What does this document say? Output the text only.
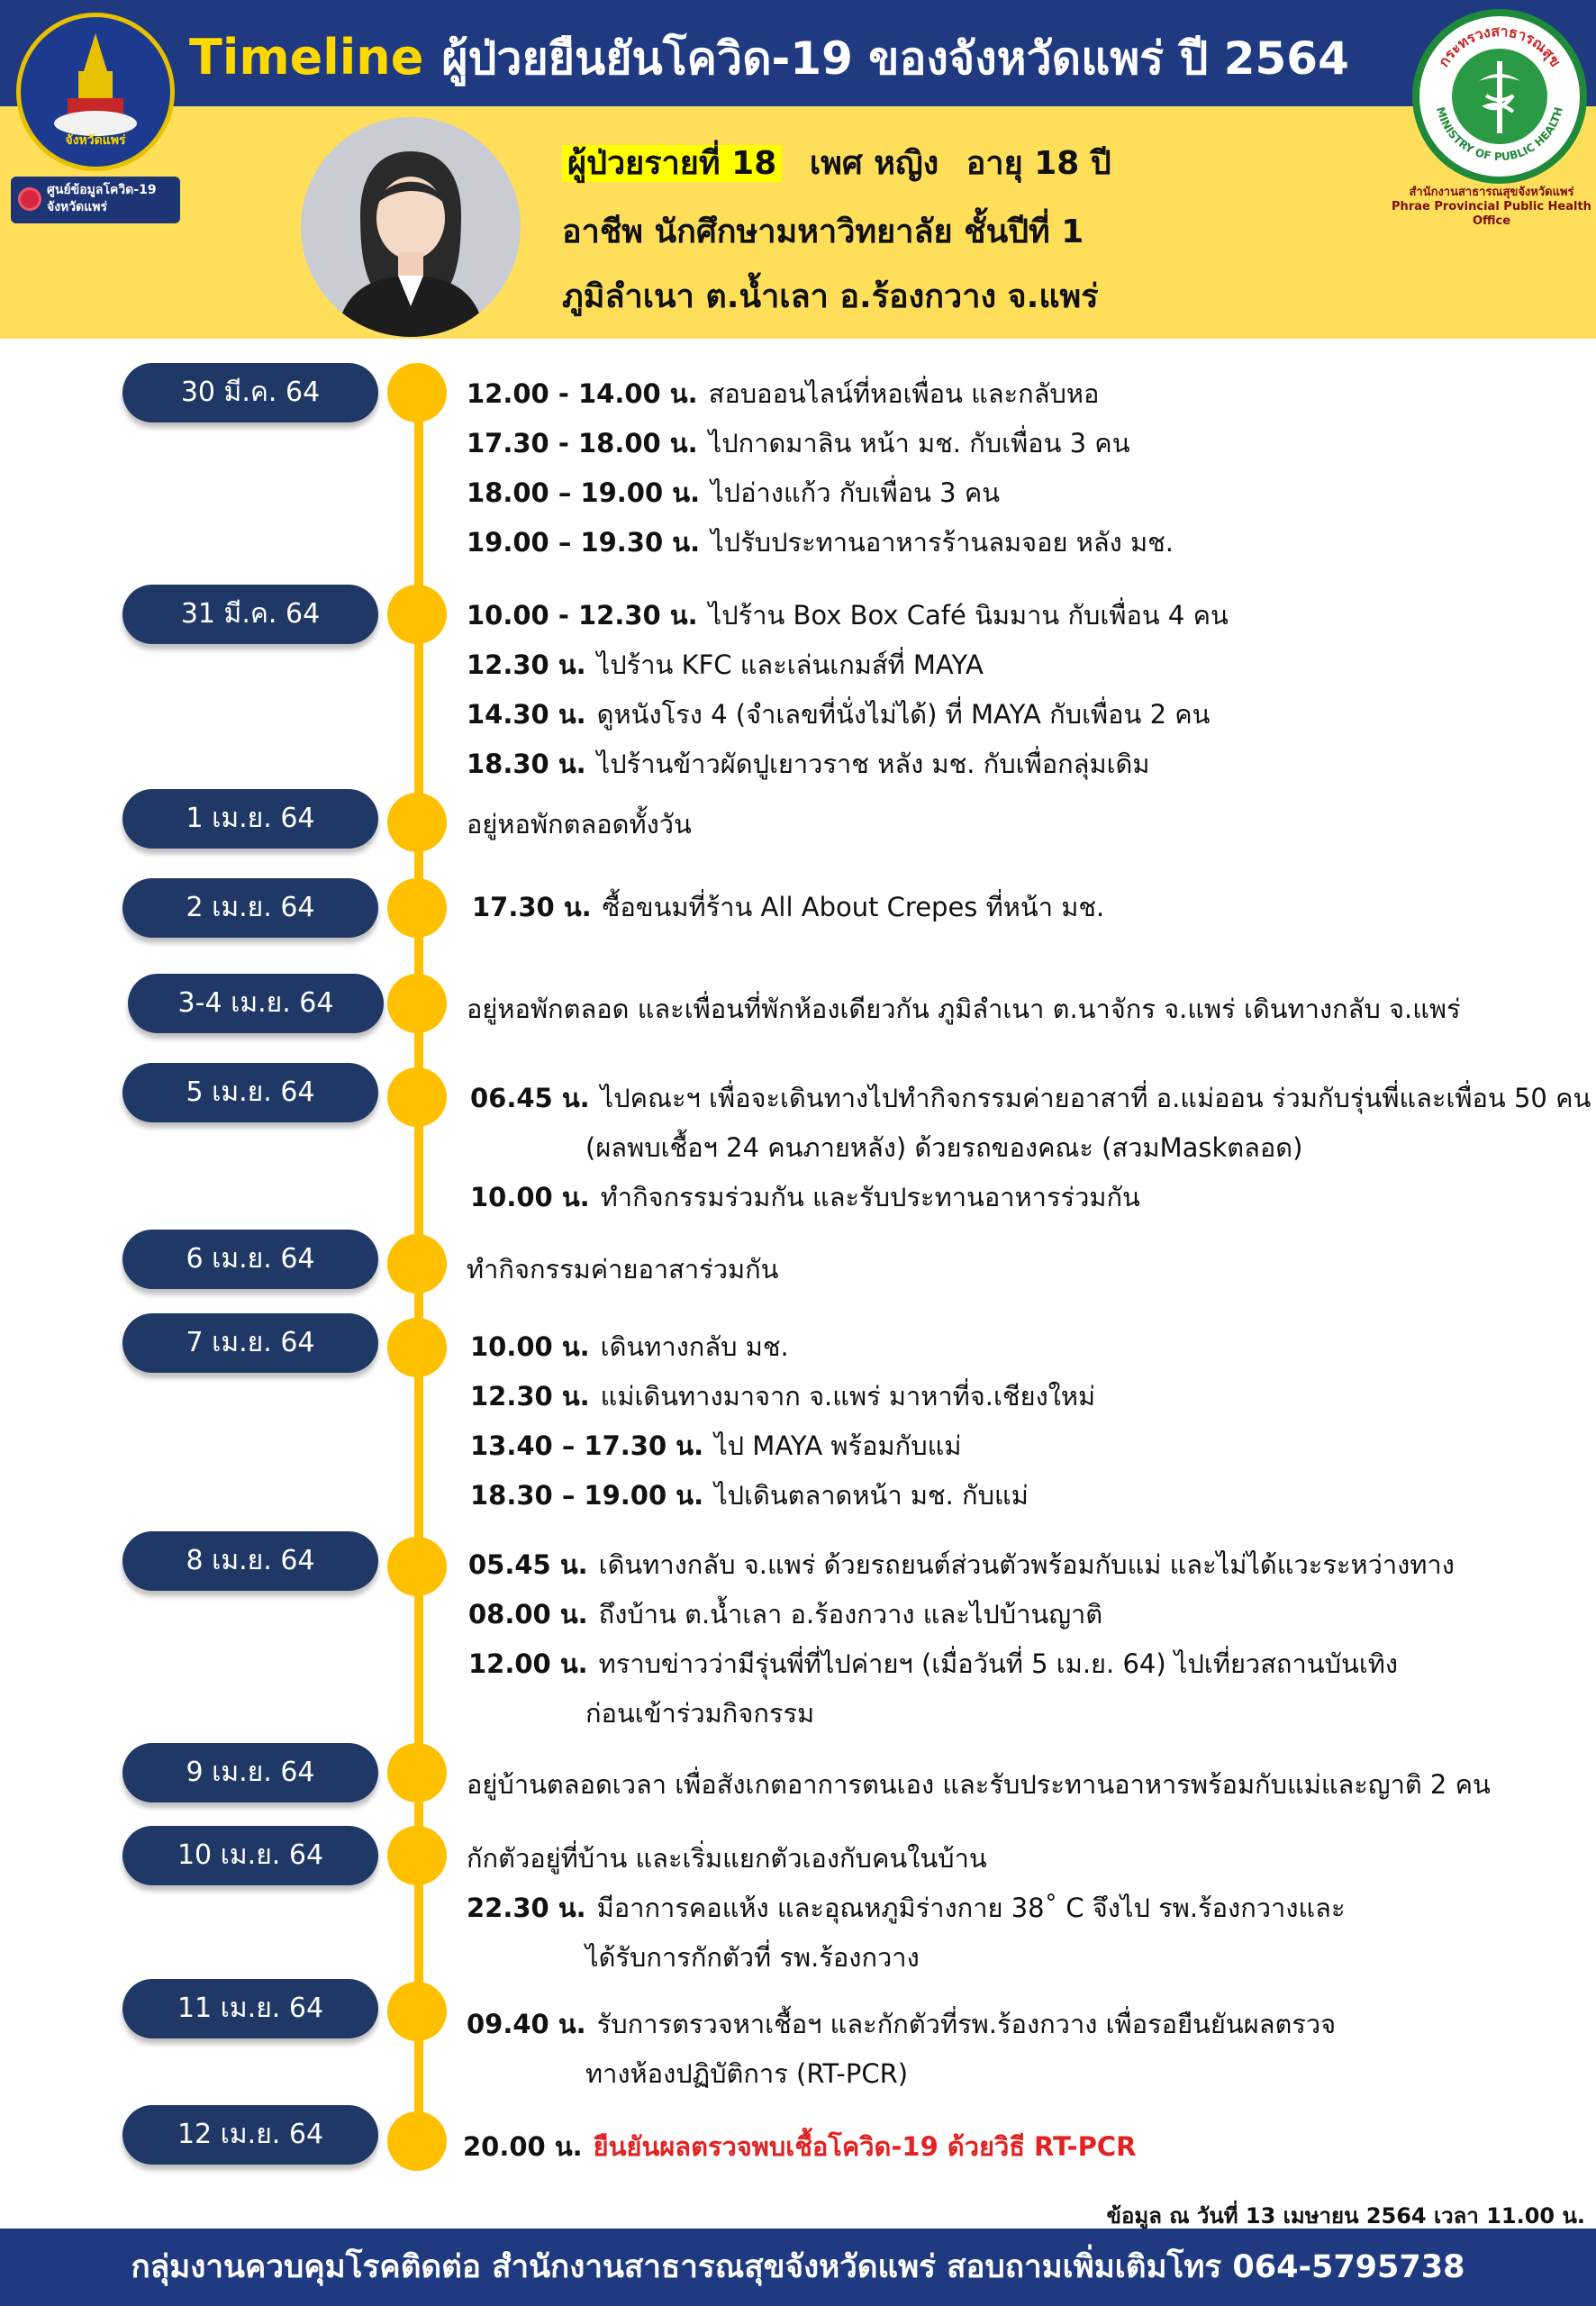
Timeline ผู้ป่วยยืนยันโควิด-19 ของจังหวัดแพร่ ปี 2564
จังหวัดแพร่
ศูนย์ข้อมูลโควิด-19
จังหวัดแพร่
กระทรวงสาธารณสุข
MINISTRY OF PUBLIC HEALTH
สำนักงานสาธารณสุขจังหวัดแพร่
Phrae Provincial Public Health Office
ผู้ป่วยรายที่ 18 เพศ หญิง อายุ 18 ปี
อาชีพ นักศึกษามหาวิทยาลัย ชั้นปีที่ 1
ภูมิลำเนา ต.น้ำเลา อ.ร้องกวาง จ.แพร่
30 มี.ค. 64	12.00 - 14.00 น. สอบออนไลน์ที่หอเพื่อน และกลับหอ
17.30 - 18.00 น. ไปกาดมาลิน หน้า มช. กับเพื่อน 3 คน
18.00 – 19.00 น. ไปอ่างแก้ว กับเพื่อน 3 คน
19.00 – 19.30 น. ไปรับประทานอาหารร้านลมจอย หลัง มช.
31 มี.ค. 64	10.00 - 12.30 น. ไปร้าน Box Box Café นิมมาน กับเพื่อน 4 คน
12.30 น. ไปร้าน KFC และเล่นเกมส์ที่ MAYA
14.30 น. ดูหนังโรง 4 (จำเลขที่นั่งไม่ได้) ที่ MAYA กับเพื่อน 2 คน
18.30 น. ไปร้านข้าวผัดปูเยาวราช หลัง มช. กับเพื่อกลุ่มเดิม
1 เม.ย. 64	อยู่หอพักตลอดทั้งวัน
2 เม.ย. 64	17.30 น. ซื้อขนมที่ร้าน All About Crepes ที่หน้า มช.
3-4 เม.ย. 64	อยู่หอพักตลอด และเพื่อนที่พักห้องเดียวกัน ภูมิลำเนา ต.นาจักร จ.แพร่ เดินทางกลับ จ.แพร่
5 เม.ย. 64	06.45 น. ไปคณะฯ เพื่อจะเดินทางไปทำกิจกรรมค่ายอาสาที่ อ.แม่ออน ร่วมกับรุ่นพี่และเพื่อน 50 คน
(ผลพบเชื้อฯ 24 คนภายหลัง) ด้วยรถของคณะ (สวมMaskตลอด)
10.00 น. ทำกิจกรรมร่วมกัน และรับประทานอาหารร่วมกัน
6 เม.ย. 64	ทำกิจกรรมค่ายอาสาร่วมกัน
7 เม.ย. 64	10.00 น. เดินทางกลับ มช.
12.30 น. แม่เดินทางมาจาก จ.แพร่ มาหาที่จ.เชียงใหม่
13.40 – 17.30 น. ไป MAYA พร้อมกับแม่
18.30 – 19.00 น. ไปเดินตลาดหน้า มช. กับแม่
8 เม.ย. 64	05.45 น. เดินทางกลับ จ.แพร่ ด้วยรถยนต์ส่วนตัวพร้อมกับแม่ และไม่ได้แวะระหว่างทาง
08.00 น. ถึงบ้าน ต.น้ำเลา อ.ร้องกวาง และไปบ้านญาติ
12.00 น. ทราบข่าวว่ามีรุ่นพี่ที่ไปค่ายฯ (เมื่อวันที่ 5 เม.ย. 64) ไปเที่ยวสถานบันเทิง
ก่อนเข้าร่วมกิจกรรม
9 เม.ย. 64	อยู่บ้านตลอดเวลา เพื่อสังเกตอาการตนเอง และรับประทานอาหารพร้อมกับแม่และญาติ 2 คน
10 เม.ย. 64	กักตัวอยู่ที่บ้าน และเริ่มแยกตัวเองกับคนในบ้าน
22.30 น. มีอาการคอแห้ง และอุณหภูมิร่างกาย 38˚ C จึงไป รพ.ร้องกวางและ
ได้รับการกักตัวที่ รพ.ร้องกวาง
11 เม.ย. 64	09.40 น. รับการตรวจหาเชื้อฯ และกักตัวที่รพ.ร้องกวาง เพื่อรอยืนยันผลตรวจ
ทางห้องปฏิบัติการ (RT-PCR)
12 เม.ย. 64	20.00 น. ยืนยันผลตรวจพบเชื้อโควิด-19 ด้วยวิธี RT-PCR
ข้อมูล ณ วันที่ 13 เมษายน 2564 เวลา 11.00 น.
กลุ่มงานควบคุมโรคติดต่อ สำนักงานสาธารณสุขจังหวัดแพร่ สอบถามเพิ่มเติมโทร 064-5795738
